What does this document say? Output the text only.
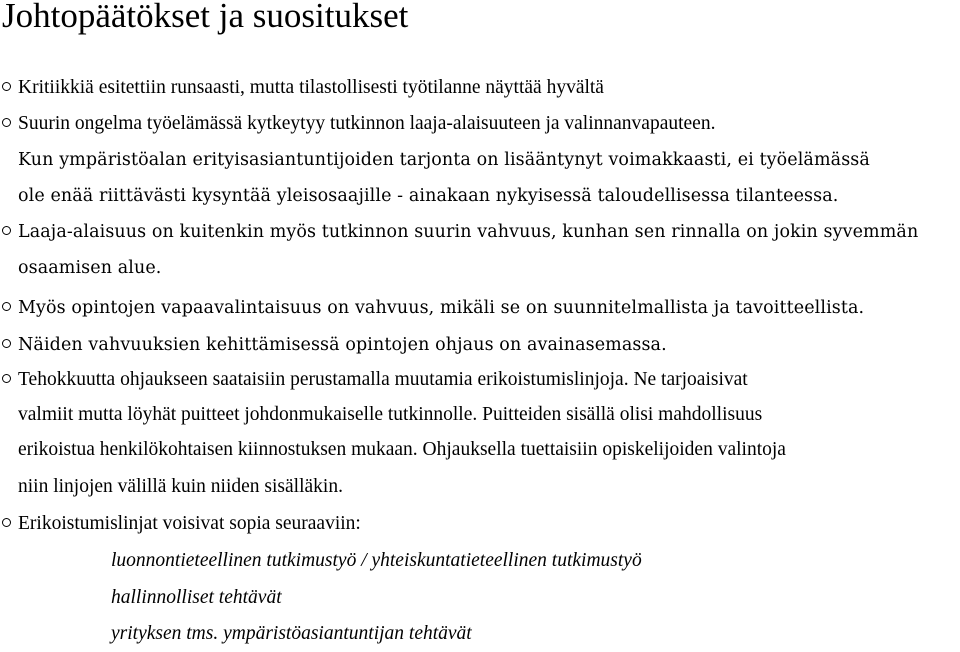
Johtopäätökset ja suositukset
Kritiikkiä esitettiin runsaasti, mutta tilastollisesti työtilanne näyttää hyvältä
Suurin ongelma työelämässä kytkeytyy tutkinnon laaja-alaisuuteen ja valinnanvapauteen.
Kun ympäristöalan erityisasiantuntijoiden tarjonta on lisääntynyt voimakkaasti, ei työelämässä
ole enää riittävästi kysyntää yleisosaajille - ainakaan nykyisessä taloudellisessa tilanteessa.
Laaja-alaisuus on kuitenkin myös tutkinnon suurin vahvuus, kunhan sen rinnalla on jokin syvemmän
osaamisen alue.
Myös opintojen vapaavalintaisuus on vahvuus, mikäli se on suunnitelmallista ja tavoitteellista.
Näiden vahvuuksien kehittämisessä opintojen ohjaus on avainasemassa.
Tehokkuutta ohjaukseen saataisiin perustamalla muutamia erikoistumislinjoja. Ne tarjoaisivat
valmiit mutta löyhät puitteet johdonmukaiselle tutkinnolle. Puitteiden sisällä olisi mahdollisuus
erikoistua henkilökohtaisen kiinnostuksen mukaan. Ohjauksella tuettaisiin opiskelijoiden valintoja
niin linjojen välillä kuin niiden sisälläkin.
Erikoistumislinjat voisivat sopia seuraaviin:
luonnontieteellinen tutkimustyö / yhteiskuntatieteellinen tutkimustyö
hallinnolliset tehtävät
yrityksen tms. ympäristöasiantuntijan tehtävät
